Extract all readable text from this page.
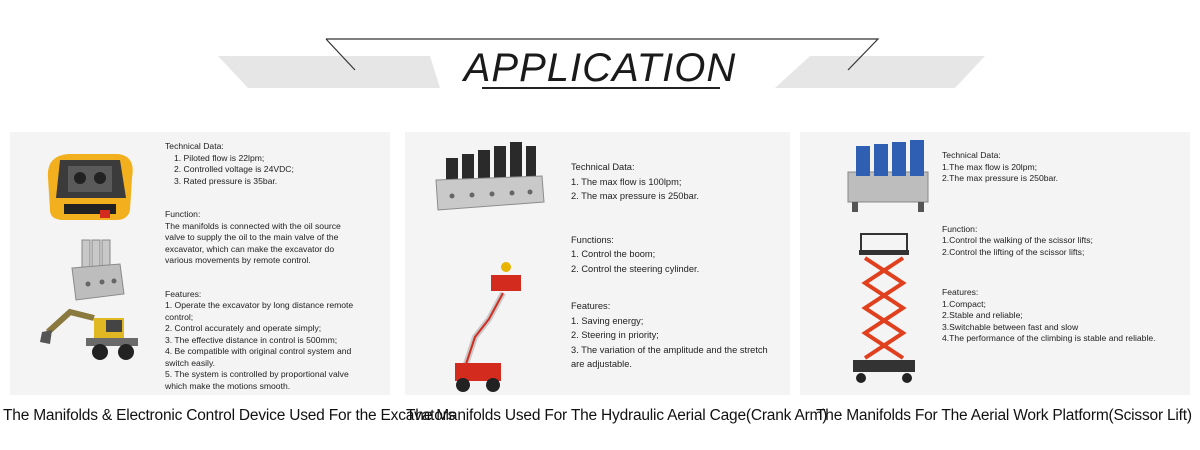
APPLICATION
Technical Data:
1. Piloted flow is 22lpm;
2. Controlled voltage is 24VDC;
3. Rated pressure is 35bar.
Function:
The manifolds is connected with the oil source
valve to supply the oil to the main valve of the
excavator, which can make the excavator do
various movements by remote control.
Features:
1. Operate the excavator by long distance remote
control;
2. Control accurately and operate simply;
3. The effective distance in control is 500mm;
4. Be compatible with original control system and
switch easily.
5. The system is controlled by proportional valve
which make the motions smooth.
The Manifolds & Electronic Control Device Used For the Excavators
Technical Data:
1. The max flow is 100lpm;
2. The max pressure is 250bar.
Functions:
1. Control the boom;
2. Control the steering cylinder.
Features:
1. Saving energy;
2. Steering in priority;
3. The variation of the amplitude and the stretch
are adjustable.
The Manifolds Used For The Hydraulic Aerial Cage(Crank Arm)
Technical Data:
1.The max flow is 20lpm;
2.The max pressure is 250bar.
Function:
1.Control the walking of the scissor lifts;
2.Control the lifting of the scissor lifts;
Features:
1.Compact;
2.Stable and reliable;
3.Switchable between fast and slow
4.The performance of the climbing is stable and reliable.
The Manifolds For The Aerial Work Platform(Scissor Lift)
